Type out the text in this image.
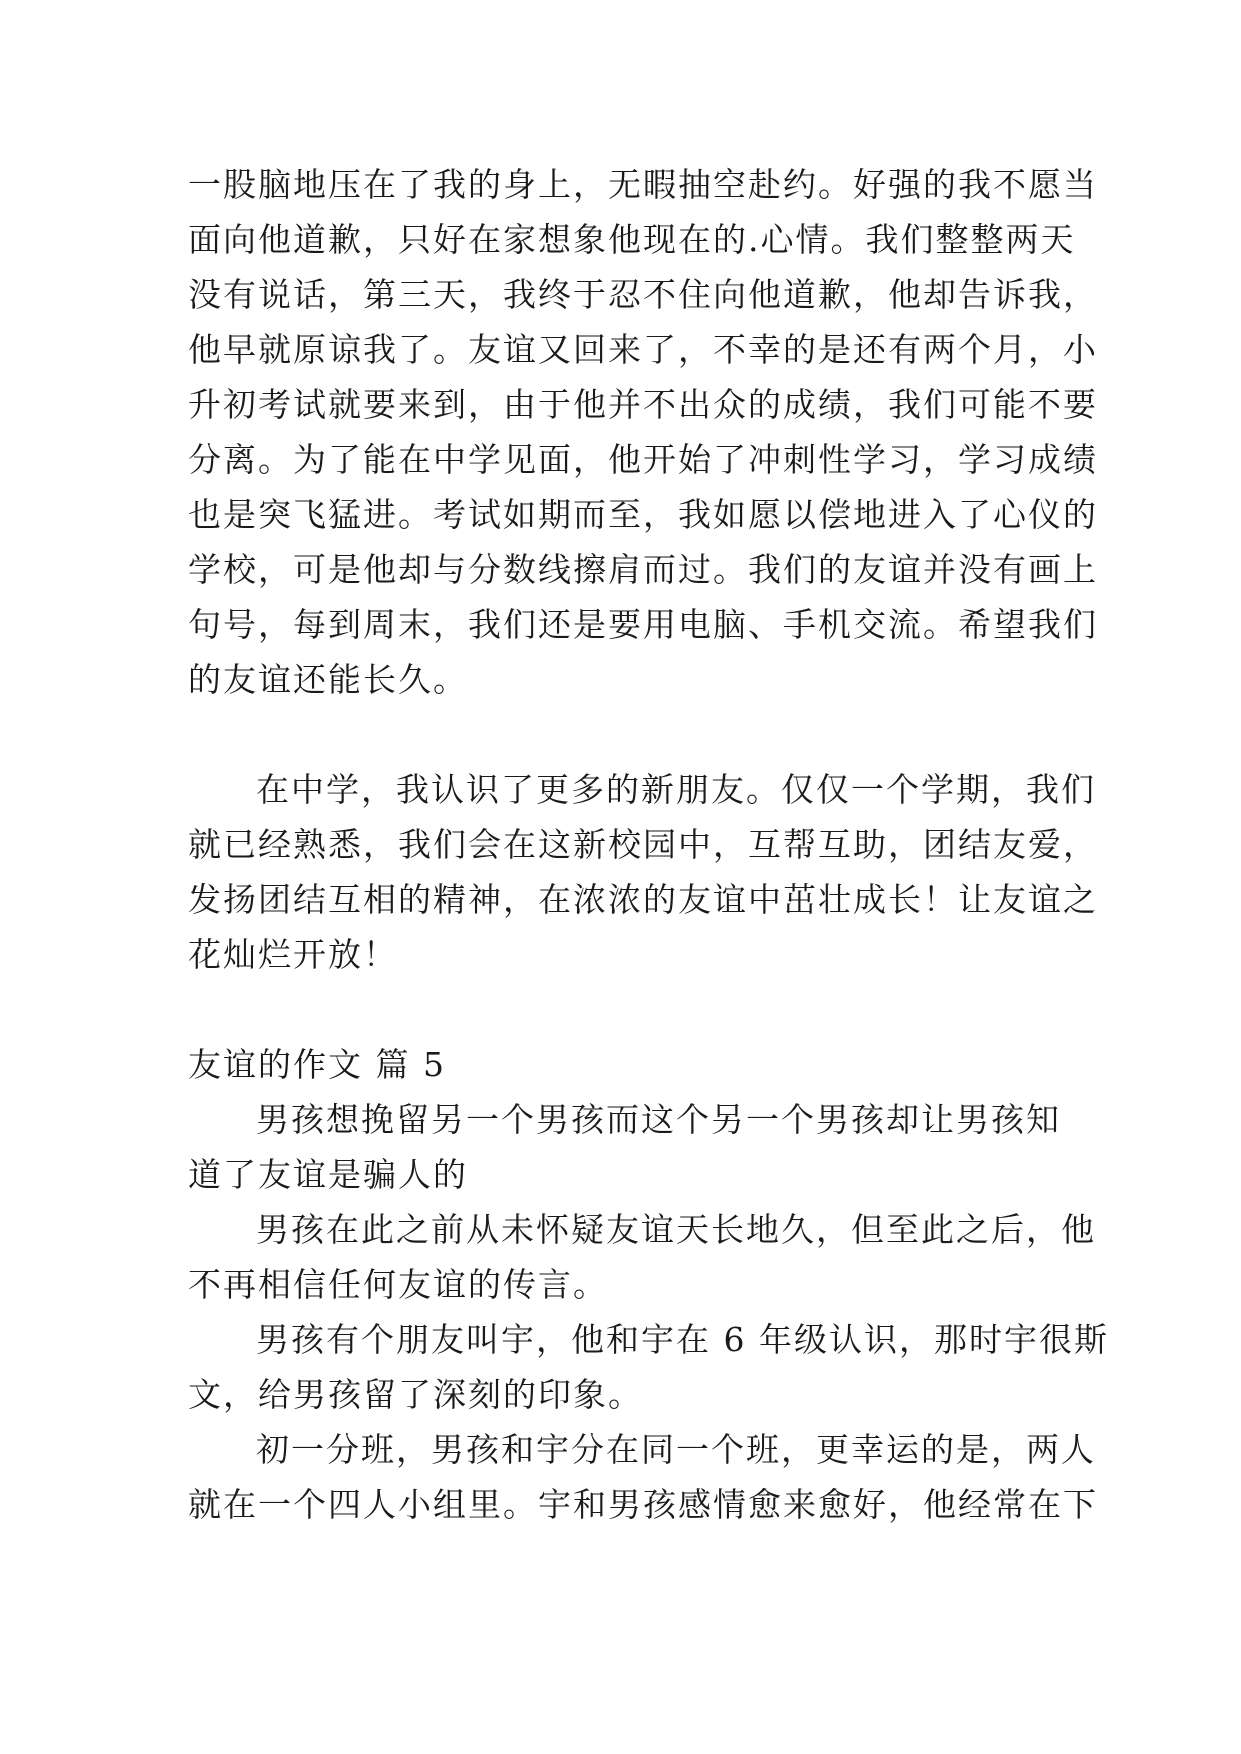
一股脑地压在了我的身上，无暇抽空赴约。好强的我不愿当
面向他道歉，只好在家想象他现在的.心情。我们整整两天
没有说话，第三天，我终于忍不住向他道歉，他却告诉我，
他早就原谅我了。友谊又回来了，不幸的是还有两个月，小
升初考试就要来到，由于他并不出众的成绩，我们可能不要
分离。为了能在中学见面，他开始了冲刺性学习，学习成绩
也是突飞猛进。考试如期而至，我如愿以偿地进入了心仪的
学校，可是他却与分数线擦肩而过。我们的友谊并没有画上
句号，每到周末，我们还是要用电脑、手机交流。希望我们
的友谊还能长久。
在中学，我认识了更多的新朋友。仅仅一个学期，我们
就已经熟悉，我们会在这新校园中，互帮互助，团结友爱，
发扬团结互相的精神，在浓浓的友谊中茁壮成长！让友谊之
花灿烂开放！
友谊的作文 篇 5
男孩想挽留另一个男孩而这个另一个男孩却让男孩知
道了友谊是骗人的
男孩在此之前从未怀疑友谊天长地久，但至此之后，他
不再相信任何友谊的传言。
男孩有个朋友叫宇，他和宇在 6 年级认识，那时宇很斯
文，给男孩留了深刻的印象。
初一分班，男孩和宇分在同一个班，更幸运的是，两人
就在一个四人小组里。宇和男孩感情愈来愈好，他经常在下
